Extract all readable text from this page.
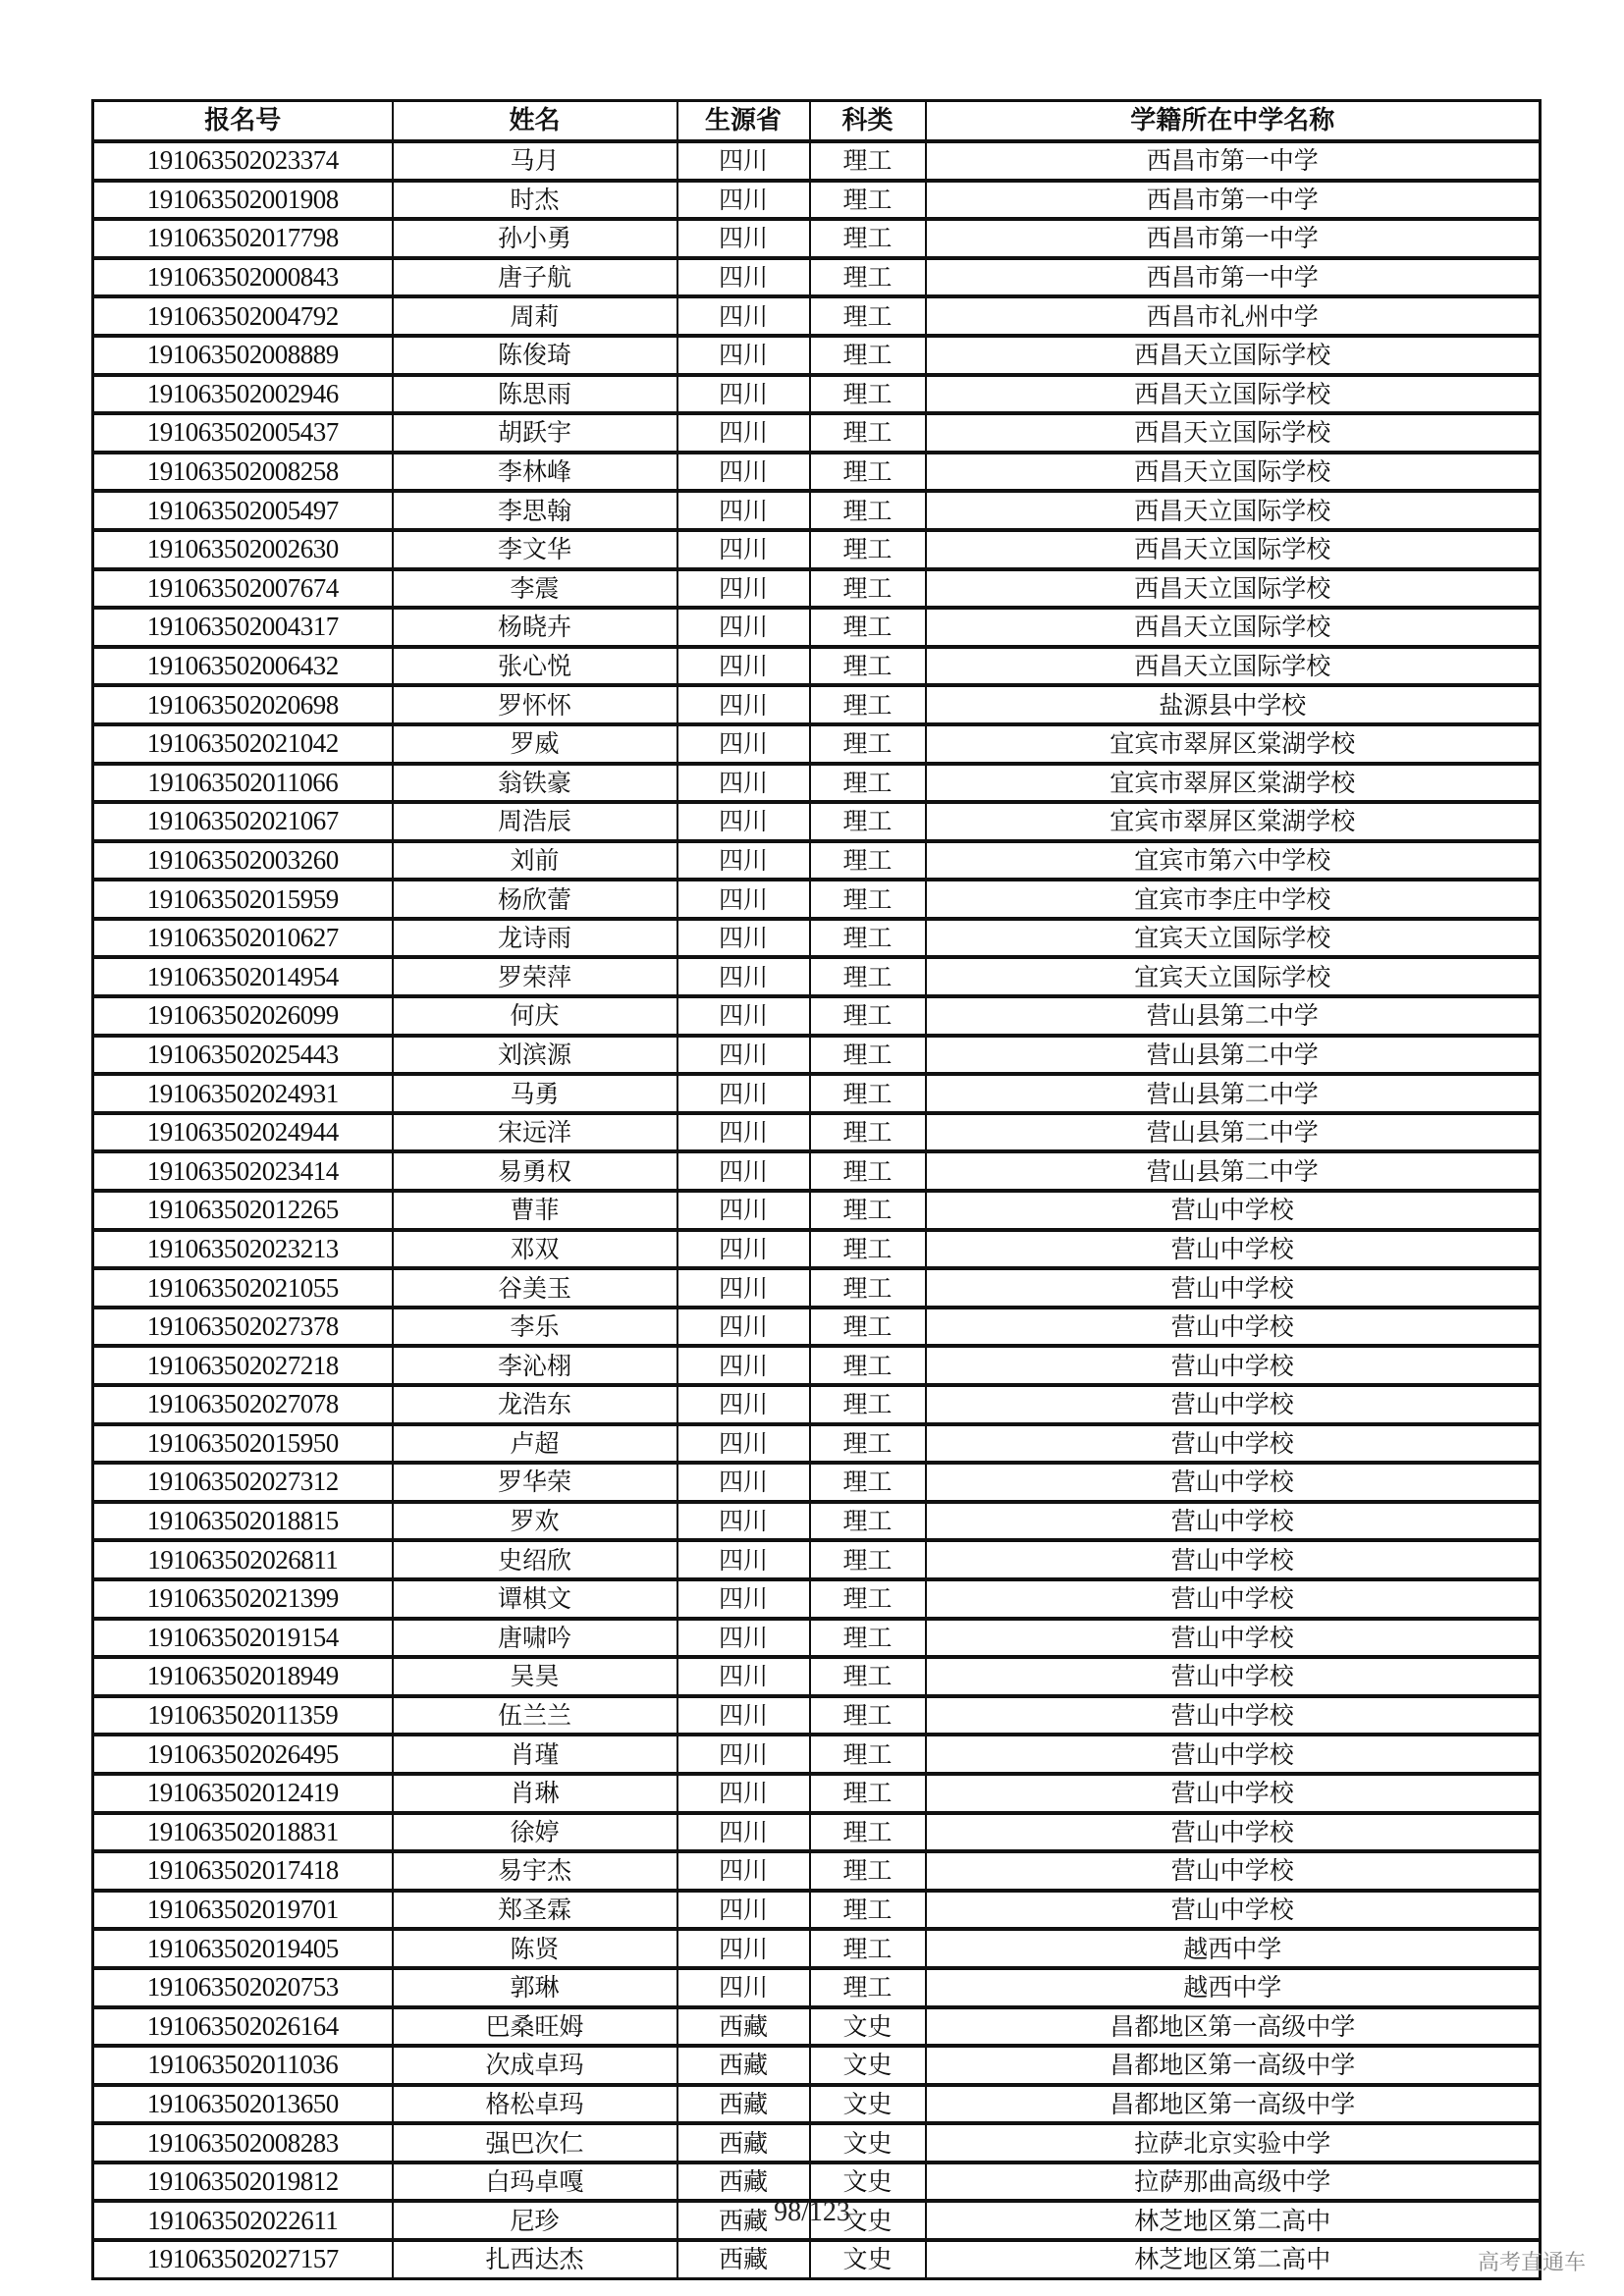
报名号	姓名	生源省	科类	学籍所在中学名称
191063502023374	马月	四川	理工	西昌市第一中学
191063502001908	时杰	四川	理工	西昌市第一中学
191063502017798	孙小勇	四川	理工	西昌市第一中学
191063502000843	唐子航	四川	理工	西昌市第一中学
191063502004792	周莉	四川	理工	西昌市礼州中学
191063502008889	陈俊琦	四川	理工	西昌天立国际学校
191063502002946	陈思雨	四川	理工	西昌天立国际学校
191063502005437	胡跃宇	四川	理工	西昌天立国际学校
191063502008258	李林峰	四川	理工	西昌天立国际学校
191063502005497	李思翰	四川	理工	西昌天立国际学校
191063502002630	李文华	四川	理工	西昌天立国际学校
191063502007674	李震	四川	理工	西昌天立国际学校
191063502004317	杨晓卉	四川	理工	西昌天立国际学校
191063502006432	张心悦	四川	理工	西昌天立国际学校
191063502020698	罗怀怀	四川	理工	盐源县中学校
191063502021042	罗威	四川	理工	宜宾市翠屏区棠湖学校
191063502011066	翁铁豪	四川	理工	宜宾市翠屏区棠湖学校
191063502021067	周浩辰	四川	理工	宜宾市翠屏区棠湖学校
191063502003260	刘前	四川	理工	宜宾市第六中学校
191063502015959	杨欣蕾	四川	理工	宜宾市李庄中学校
191063502010627	龙诗雨	四川	理工	宜宾天立国际学校
191063502014954	罗荣萍	四川	理工	宜宾天立国际学校
191063502026099	何庆	四川	理工	营山县第二中学
191063502025443	刘滨源	四川	理工	营山县第二中学
191063502024931	马勇	四川	理工	营山县第二中学
191063502024944	宋远洋	四川	理工	营山县第二中学
191063502023414	易勇权	四川	理工	营山县第二中学
191063502012265	曹菲	四川	理工	营山中学校
191063502023213	邓双	四川	理工	营山中学校
191063502021055	谷美玉	四川	理工	营山中学校
191063502027378	李乐	四川	理工	营山中学校
191063502027218	李沁栩	四川	理工	营山中学校
191063502027078	龙浩东	四川	理工	营山中学校
191063502015950	卢超	四川	理工	营山中学校
191063502027312	罗华荣	四川	理工	营山中学校
191063502018815	罗欢	四川	理工	营山中学校
191063502026811	史绍欣	四川	理工	营山中学校
191063502021399	谭棋文	四川	理工	营山中学校
191063502019154	唐啸吟	四川	理工	营山中学校
191063502018949	吴昊	四川	理工	营山中学校
191063502011359	伍兰兰	四川	理工	营山中学校
191063502026495	肖瑾	四川	理工	营山中学校
191063502012419	肖琳	四川	理工	营山中学校
191063502018831	徐婷	四川	理工	营山中学校
191063502017418	易宇杰	四川	理工	营山中学校
191063502019701	郑圣霖	四川	理工	营山中学校
191063502019405	陈贤	四川	理工	越西中学
191063502020753	郭琳	四川	理工	越西中学
191063502026164	巴桑旺姆	西藏	文史	昌都地区第一高级中学
191063502011036	次成卓玛	西藏	文史	昌都地区第一高级中学
191063502013650	格松卓玛	西藏	文史	昌都地区第一高级中学
191063502008283	强巴次仁	西藏	文史	拉萨北京实验中学
191063502019812	白玛卓嘎	西藏	文史	拉萨那曲高级中学
191063502022611	尼珍	西藏	文史	林芝地区第二高中
191063502027157	扎西达杰	西藏	文史	林芝地区第二高中
98/123
高考直通车
